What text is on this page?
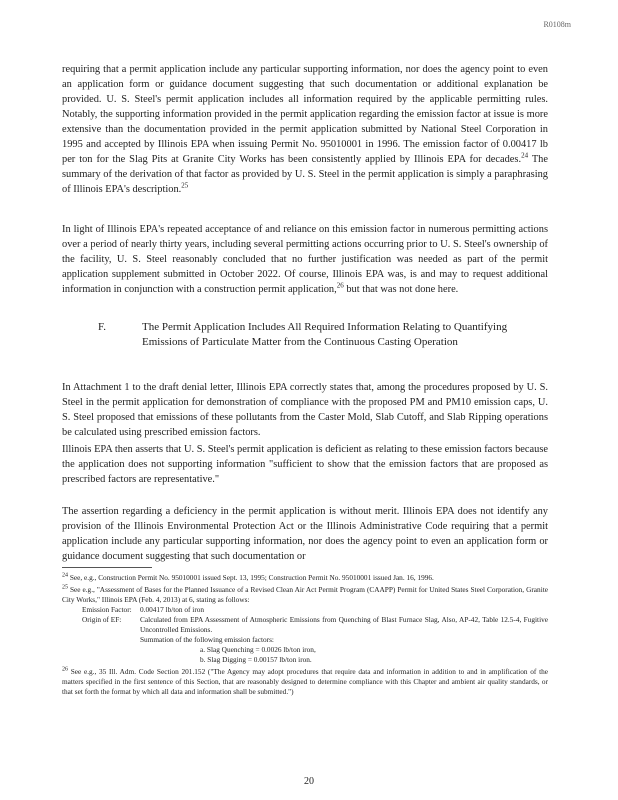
R0108m

requiring that a permit application include any particular supporting information, nor does the agency point to even an application form or guidance document suggesting that such documentation or additional explanation be provided. U. S. Steel's permit application includes all information required by the applicable permitting rules. Notably, the supporting information provided in the permit application regarding the emission factor at issue is more extensive than the documentation provided in the permit application submitted by National Steel Corporation in 1995 and accepted by Illinois EPA when issuing Permit No. 95010001 in 1996. The emission factor of 0.00417 lb per ton for the Slag Pits at Granite City Works has been consistently applied by Illinois EPA for decades.$^{24}$ The summary of the derivation of that factor as provided by U. S. Steel in the permit application is simply a paraphrasing of Illinois EPA's description.$^{25}$

In light of Illinois EPA's repeated acceptance of and reliance on this emission factor in numerous permitting actions over a period of nearly thirty years, including several permitting actions occurring prior to U. S. Steel's ownership of the facility, U. S. Steel reasonably concluded that no further justification was needed as part of the permit application supplement submitted in October 2022. Of course, Illinois EPA was, is and may to request additional information in conjunction with a construction permit application,$^{26}$ but that was not done here.

F.	The Permit Application Includes All Required Information Relating to Quantifying Emissions of Particulate Matter from the Continuous Casting Operation

In Attachment 1 to the draft denial letter, Illinois EPA correctly states that, among the procedures proposed by U. S. Steel in the permit application for demonstration of compliance with the proposed PM and PM10 emission caps, U. S. Steel proposed that emissions of these pollutants from the Caster Mold, Slab Cutoff, and Slab Ripping operations be calculated using prescribed emission factors.

Illinois EPA then asserts that U. S. Steel's permit application is deficient as relating to these emission factors because the application does not supporting information "sufficient to show that the emission factors that are proposed as prescribed factors are representative."

The assertion regarding a deficiency in the permit application is without merit. Illinois EPA does not identify any provision of the Illinois Environmental Protection Act or the Illinois Administrative Code requiring that a permit application include any particular supporting information, nor does the agency point to even an application form or guidance document suggesting that such documentation or

$^{24}$ See, e.g., Construction Permit No. 95010001 issued Sept. 13, 1995; Construction Permit No. 95010001 issued Jan. 16, 1996.

$^{25}$ See e.g., "Assessment of Bases for the Planned Issuance of a Revised Clean Air Act Permit Program (CAAPP) Permit for United States Steel Corporation, Granite City Works," Illinois EPA (Feb. 4, 2013) at 6, stating as follows:
Emission Factor:	0.00417 lb/ton of iron
Origin of EF:	Calculated from EPA Assessment of Atmospheric Emissions from Quenching of Blast Furnace Slag, Also, AP-42, Table 12.5-4, Fugitive Uncontrolled Emissions.
Summation of the following emission factors:
a. Slag Quenching = 0.0026 lb/ton iron,
b. Slag Digging = 0.00157 lb/ton iron.

$^{26}$ See e.g., 35 Ill. Adm. Code Section 201.152 ("The Agency may adopt procedures that require data and information in addition to and in amplification of the matters specified in the first sentence of this Section, that are reasonably designed to determine compliance with this Chapter and ambient air quality standards, or that set forth the format by which all data and information shall be submitted.")

20
